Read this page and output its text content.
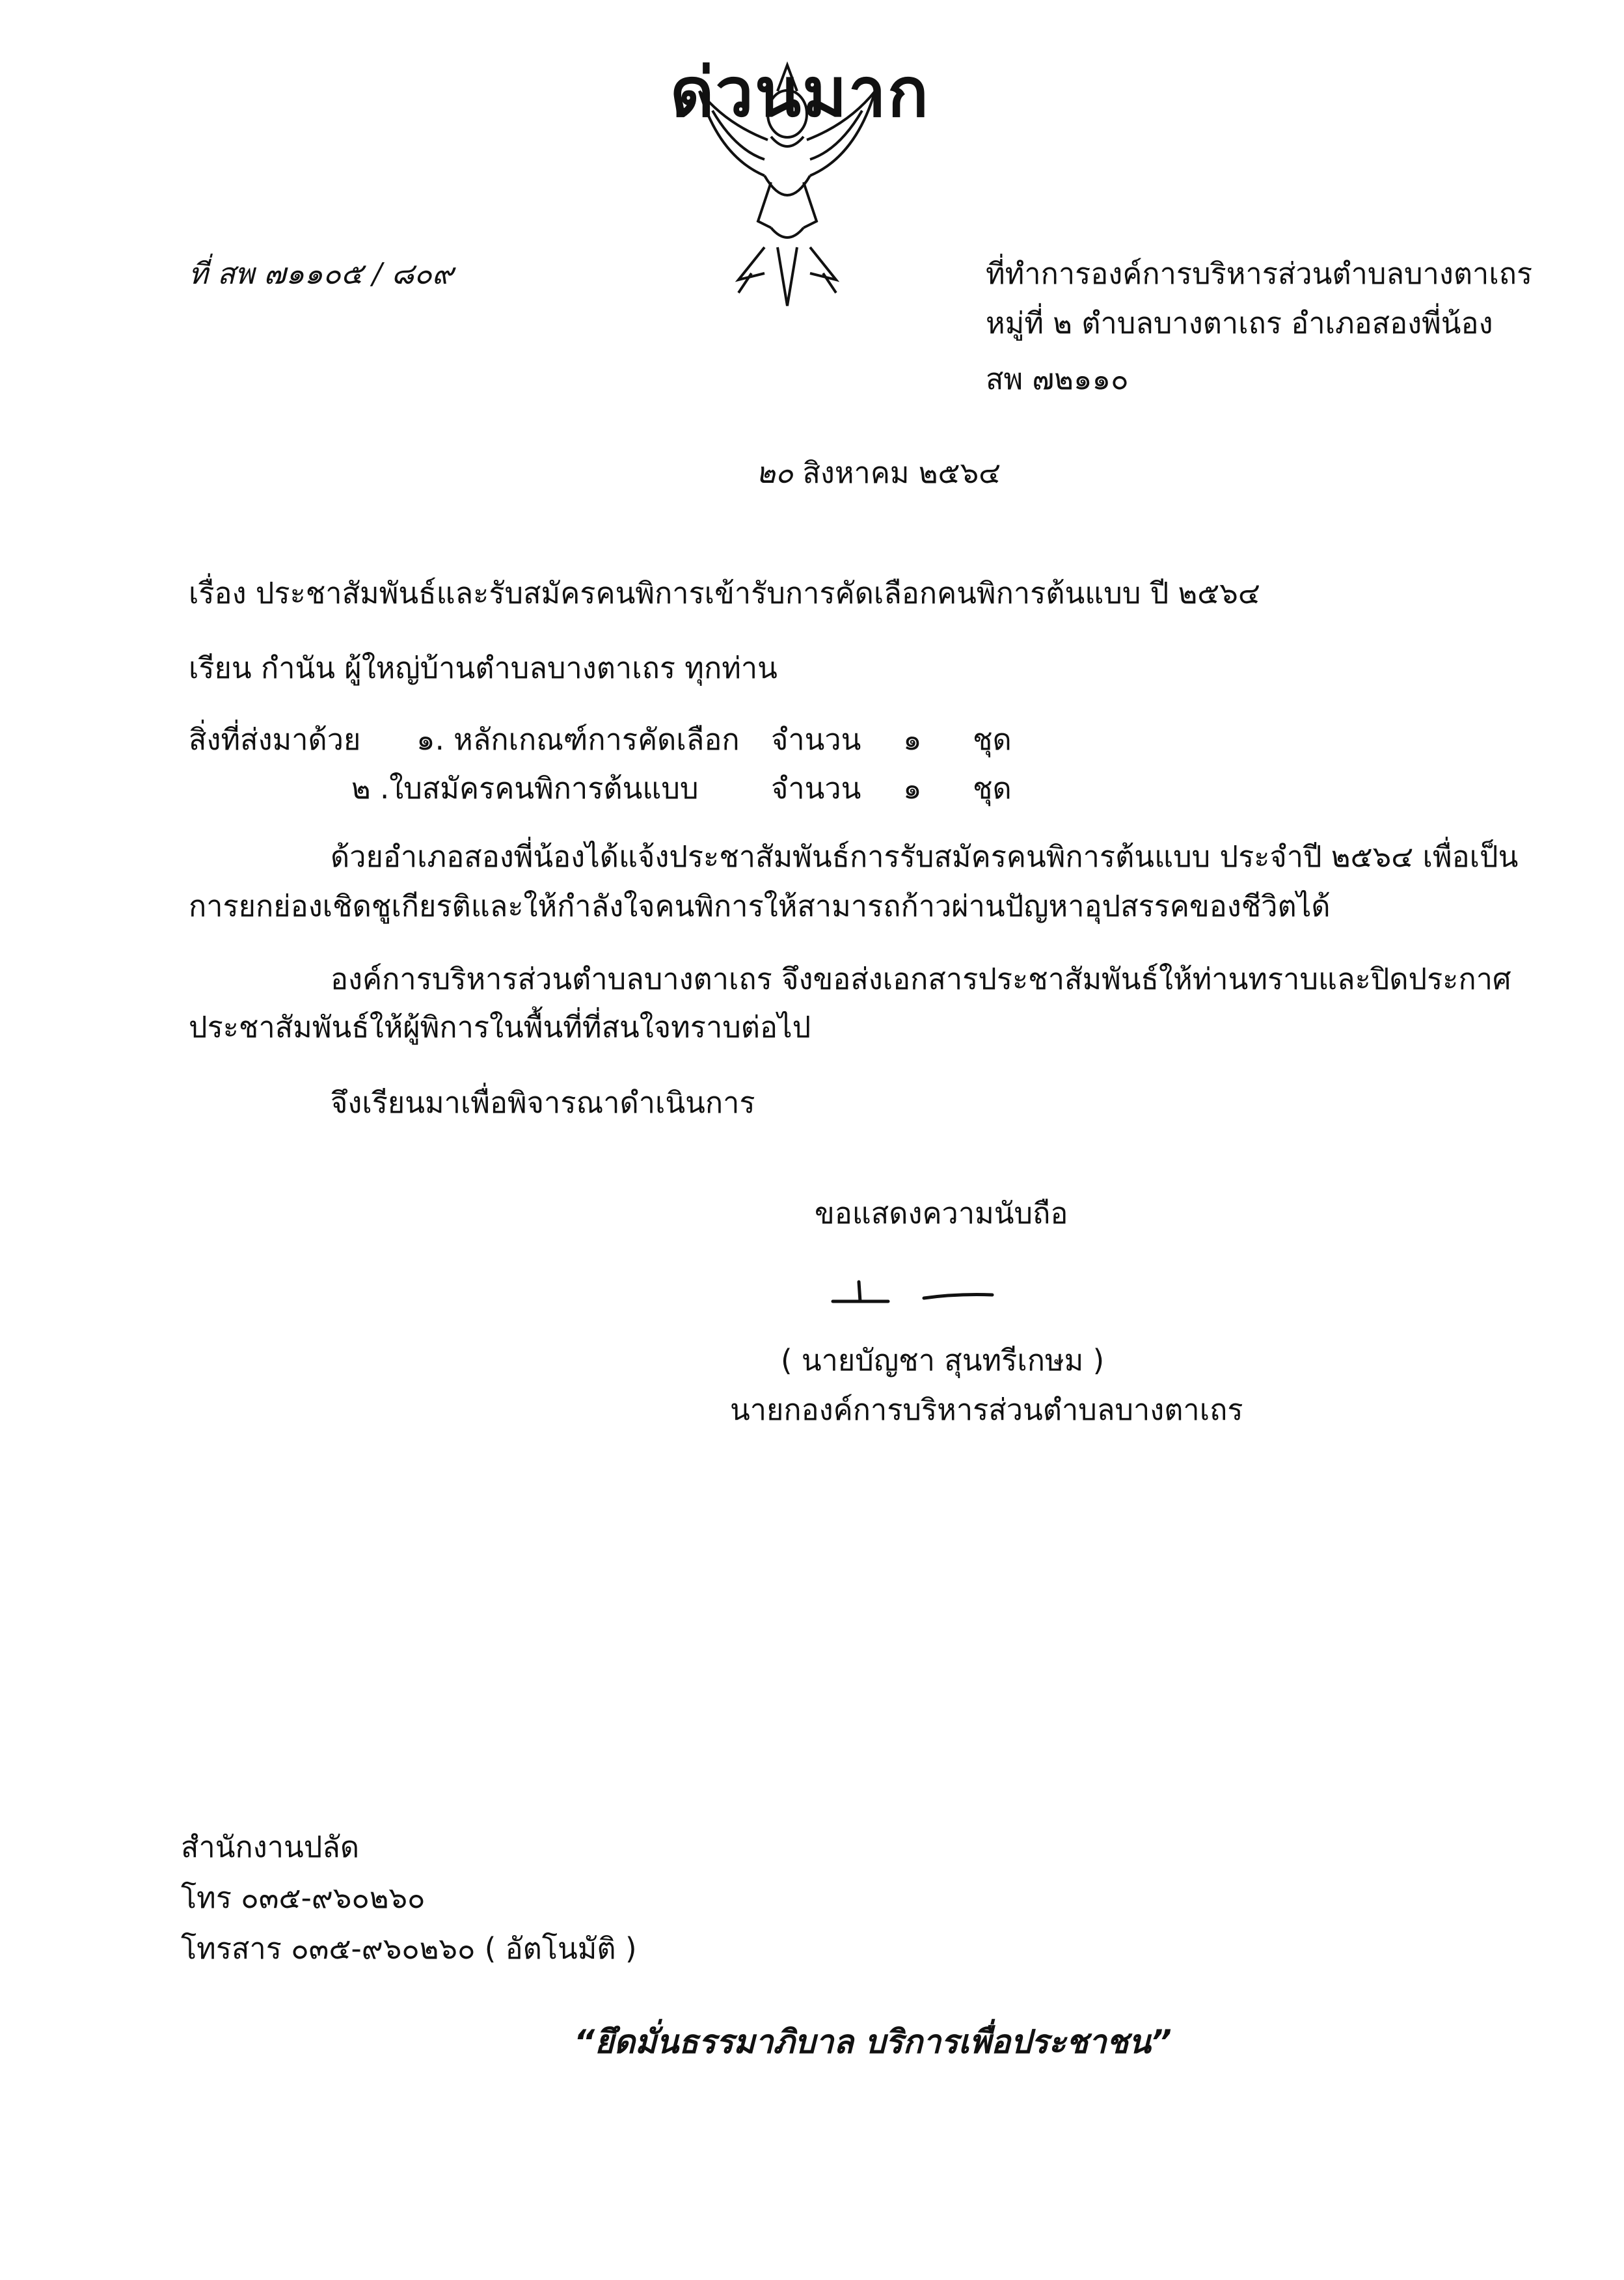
ด่วนมาก
ที่ สพ ๗๑๑๐๕ / ๘๐๙	ที่ทำการองค์การบริหารส่วนตำบลบางตาเถร
หมู่ที่ ๒ ตำบลบางตาเถร อำเภอสองพี่น้อง
สพ ๗๒๑๑๐
๒๐ สิงหาคม ๒๕๖๔
เรื่อง ประชาสัมพันธ์และรับสมัครคนพิการเข้ารับการคัดเลือกคนพิการต้นแบบ ปี ๒๕๖๔
เรียน กำนัน ผู้ใหญ่บ้านตำบลบางตาเถร ทุกท่าน
สิ่งที่ส่งมาด้วย ๑. หลักเกณฑ์การคัดเลือก จำนวน ๑ ชุด
๒ .ใบสมัครคนพิการต้นแบบ จำนวน ๑ ชุด
ด้วยอำเภอสองพี่น้องได้แจ้งประชาสัมพันธ์การรับสมัครคนพิการต้นแบบ ประจำปี ๒๕๖๔ เพื่อเป็น
การยกย่องเชิดชูเกียรติและให้กำลังใจคนพิการให้สามารถก้าวผ่านปัญหาอุปสรรคของชีวิตได้
องค์การบริหารส่วนตำบลบางตาเถร จึงขอส่งเอกสารประชาสัมพันธ์ให้ท่านทราบและปิดประกาศ
ประชาสัมพันธ์ให้ผู้พิการในพื้นที่ที่สนใจทราบต่อไป
จึงเรียนมาเพื่อพิจารณาดำเนินการ
ขอแสดงความนับถือ
( นายบัญชา สุนทรีเกษม )
นายกองค์การบริหารส่วนตำบลบางตาเถร
สำนักงานปลัด
โทร ๐๓๕-๙๖๐๒๖๐
โทรสาร ๐๓๕-๙๖๐๒๖๐ ( อัตโนมัติ )
“ยึดมั่นธรรมาภิบาล บริการเพื่อประชาชน”
